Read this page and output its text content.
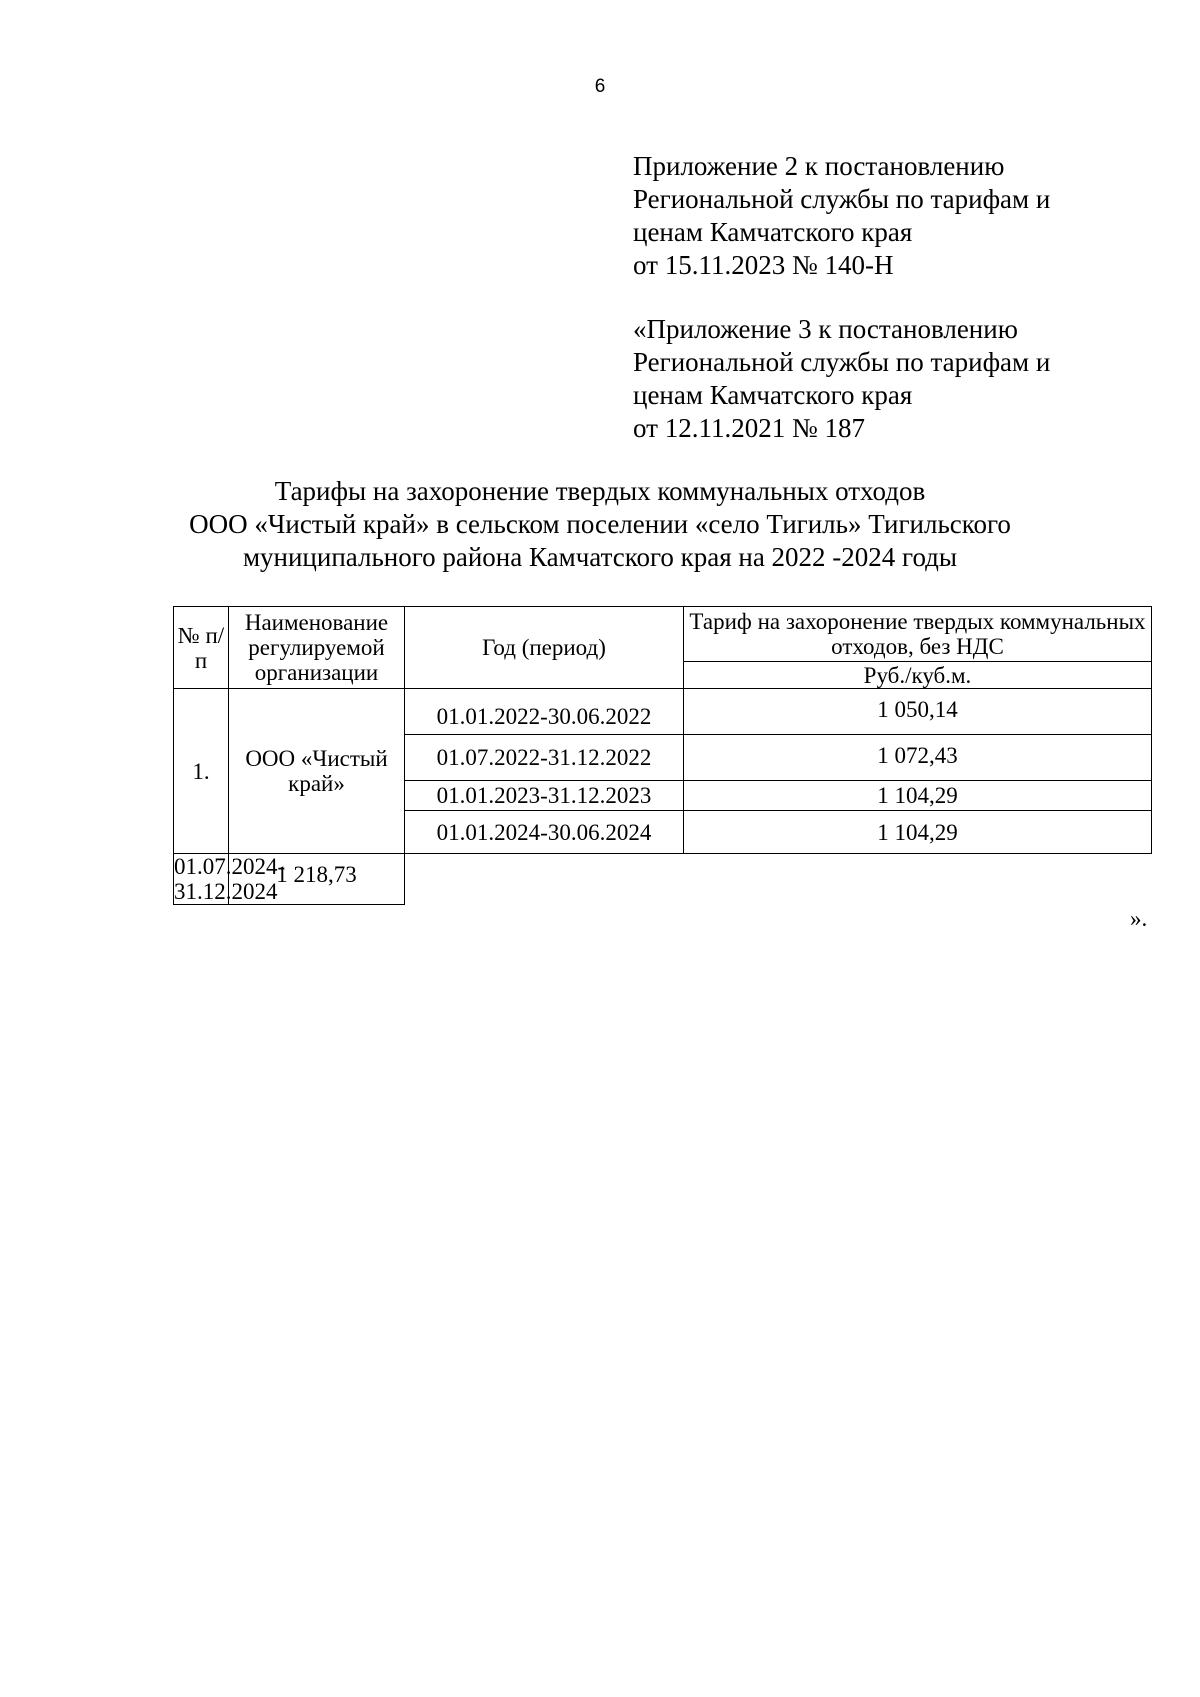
6
Приложение 2 к постановлению
Региональной службы по тарифам и
ценам Камчатского края
от 15.11.2023 № 140-Н
«Приложение 3 к постановлению
Региональной службы по тарифам и
ценам Камчатского края
от 12.11.2021 № 187
Тарифы на захоронение твердых коммунальных отходов
ООО «Чистый край» в сельском поселении «село Тигиль» Тигильского
муниципального района Камчатского края на 2022 -2024 годы
№ п/п	Наименование регулируемой организации	Год (период)	Тариф на захоронение твердых коммунальных отходов, без НДС
			Руб./куб.м.
1.	ООО «Чистый край»	01.01.2022-30.06.2022	1 050,14
		01.07.2022-31.12.2022	1 072,43
		01.01.2023-31.12.2023	1 104,29
		01.01.2024-30.06.2024	1 104,29
01.07.2024-31.12.2024	1 218,73		
».
